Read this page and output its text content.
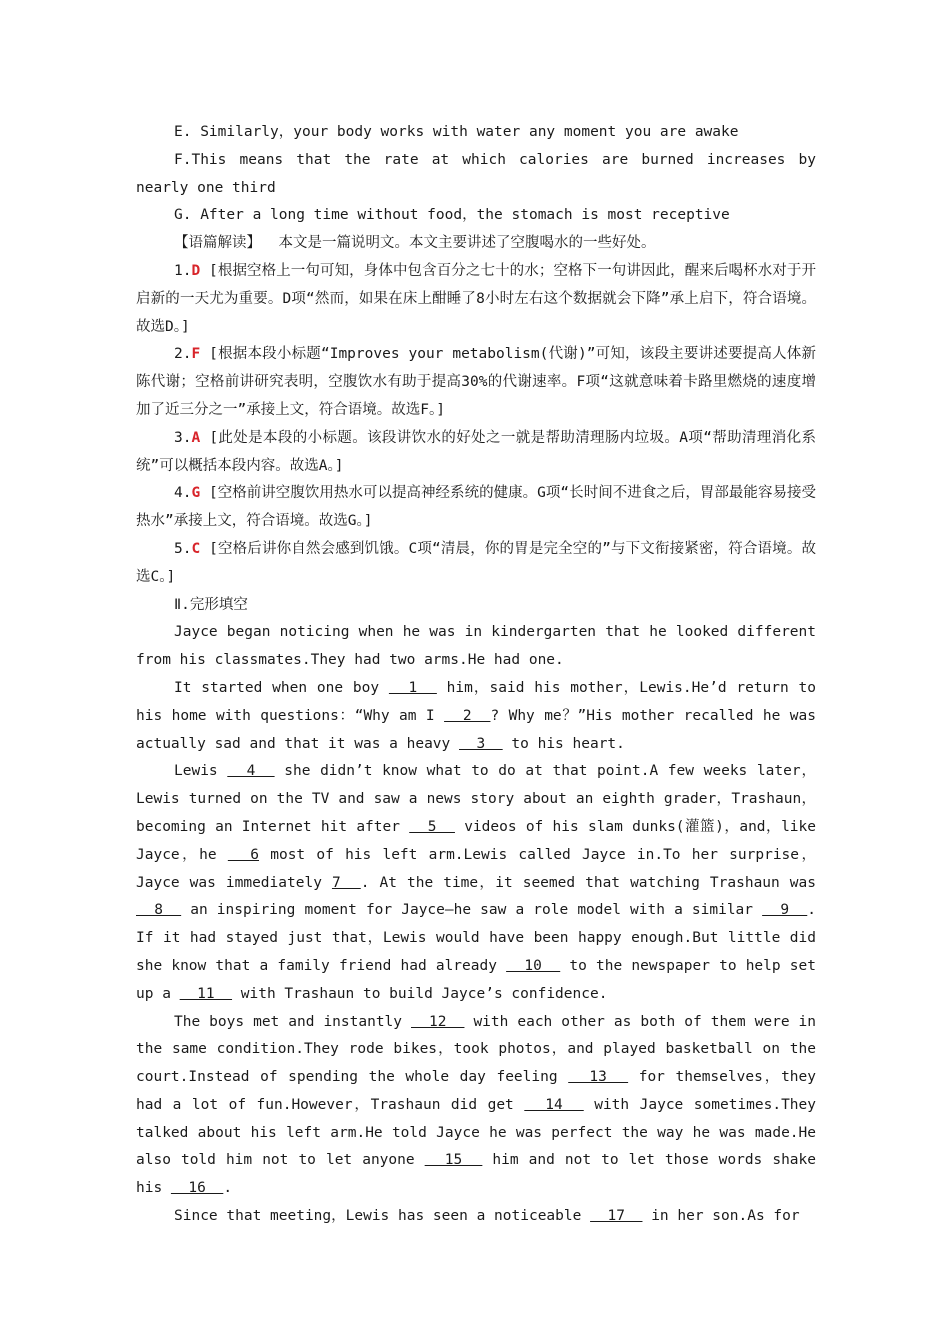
E. Similarly，your body works with water any moment you are awake

F.This means that the rate at which calories are burned increases by nearly one third

G. After a long time without food，the stomach is most receptive

【语篇解读】 本文是一篇说明文。本文主要讲述了空腹喝水的一些好处。

1.D [根据空格上一句可知，身体中包含百分之七十的水；空格下一句讲因此，醒来后喝杯水对于开启新的一天尤为重要。D项“然而，如果在床上酣睡了8小时左右这个数据就会下降”承上启下，符合语境。故选D。]

2.F [根据本段小标题“Improves your metabolism(代谢)”可知，该段主要讲述要提高人体新陈代谢；空格前讲研究表明，空腹饮水有助于提高30%的代谢速率。F项“这就意味着卡路里燃烧的速度增加了近三分之一”承接上文，符合语境。故选F。]

3.A [此处是本段的小标题。该段讲饮水的好处之一就是帮助清理肠内垃圾。A项“帮助清理消化系统”可以概括本段内容。故选A。]

4.G [空格前讲空腹饮用热水可以提高神经系统的健康。G项“长时间不进食之后，胃部最能容易接受热水”承接上文，符合语境。故选G。]

5.C [空格后讲你自然会感到饥饿。C项“清晨，你的胃是完全空的”与下文衔接紧密，符合语境。故选C。]

Ⅱ.完形填空

Jayce began noticing when he was in kindergarten that he looked different from his classmates.They had two arms.He had one.

It started when one boy   1   him，said his mother，Lewis.He’d return to his home with questions：“Why am I   2  ? Why me？”His mother recalled he was actually sad and that it was a heavy   3   to his heart.

Lewis   4   she didn’t know what to do at that point.A few weeks later，Lewis turned on the TV and saw a news story about an eighth grader，Trashaun，becoming an Internet hit after   5   videos of his slam dunks(灌篮)，and，like Jayce，he   6 most of his left arm.Lewis called Jayce in.To her surprise，Jayce was immediately 7  . At the time，it seemed that watching Trashaun was   8   an inspiring moment for Jayce—he saw a role model with a similar   9  . If it had stayed just that，Lewis would have been happy enough.But little did she know that a family friend had already   10   to the newspaper to help set up a   11   with Trashaun to build Jayce’s confidence.

The boys met and instantly   12   with each other as both of them were in the same condition.They rode bikes，took photos，and played basketball on the court.Instead of spending the whole day feeling   13   for themselves，they had a lot of fun.However，Trashaun did get   14   with Jayce sometimes.They talked about his left arm.He told Jayce he was perfect the way he was made.He also told him not to let anyone   15   him and not to let those words shake his   16  .

Since that meeting，Lewis has seen a noticeable   17   in her son.As for
